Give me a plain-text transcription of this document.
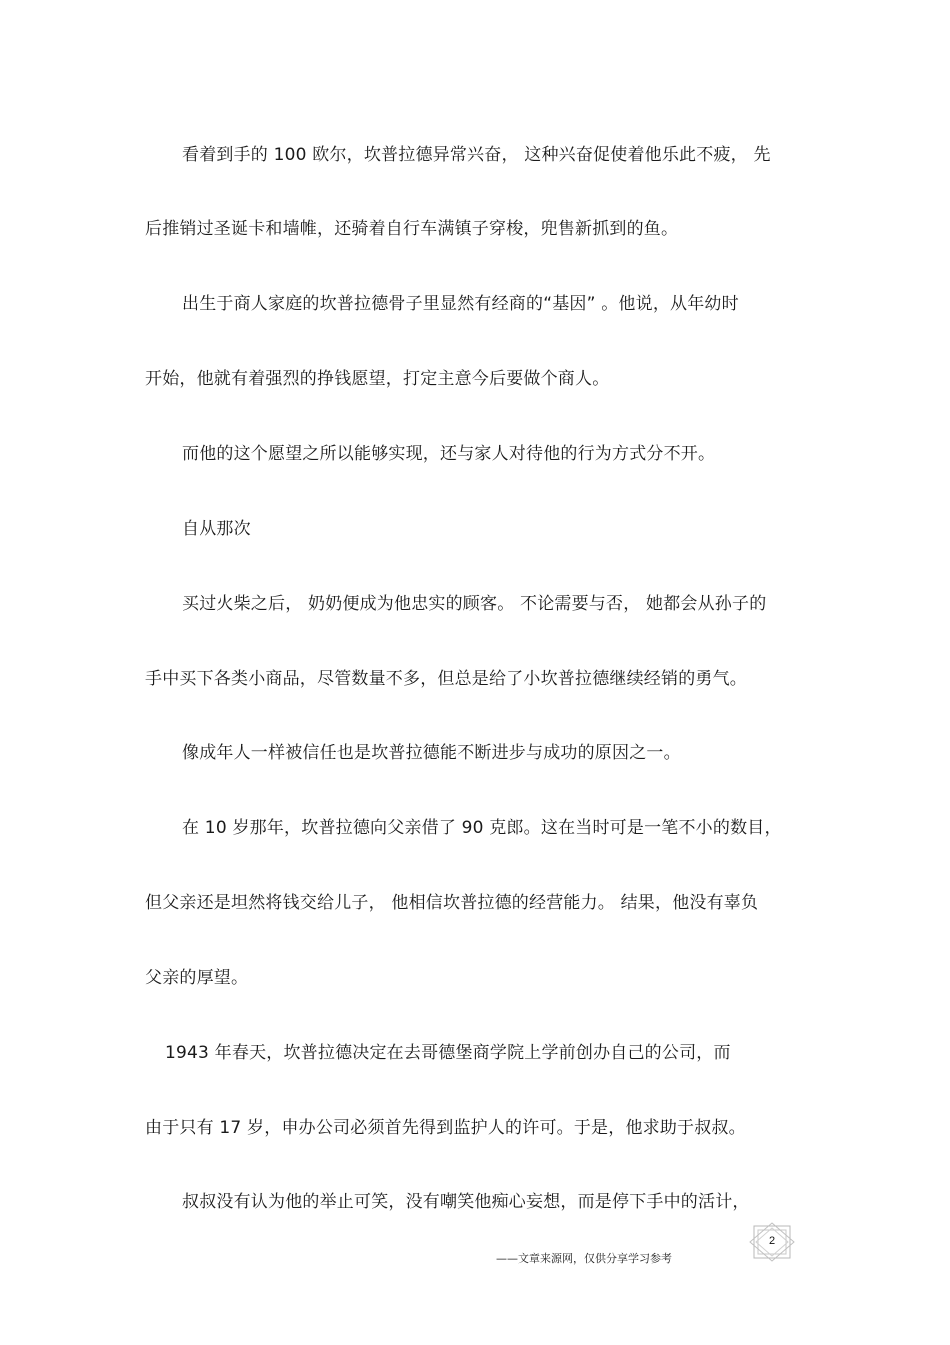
看着到手的 100 欧尔，坎普拉德异常兴奋， 这种兴奋促使着他乐此不疲， 先
后推销过圣诞卡和墙帷，还骑着自行车满镇子穿梭，兜售新抓到的鱼。
出生于商人家庭的坎普拉德骨子里显然有经商的“基因” 。他说，从年幼时
开始，他就有着强烈的挣钱愿望，打定主意今后要做个商人。
而他的这个愿望之所以能够实现，还与家人对待他的行为方式分不开。
自从那次
买过火柴之后， 奶奶便成为他忠实的顾客。 不论需要与否， 她都会从孙子的
手中买下各类小商品，尽管数量不多，但总是给了小坎普拉德继续经销的勇气。
像成年人一样被信任也是坎普拉德能不断进步与成功的原因之一。
在 10 岁那年，坎普拉德向父亲借了 90 克郎。这在当时可是一笔不小的数目，
但父亲还是坦然将钱交给儿子， 他相信坎普拉德的经营能力。 结果，他没有辜负
父亲的厚望。
1943 年春天，坎普拉德决定在去哥德堡商学院上学前创办自己的公司，而
由于只有 17 岁，申办公司必须首先得到监护人的许可。于是，他求助于叔叔。
叔叔没有认为他的举止可笑，没有嘲笑他痴心妄想，而是停下手中的活计，
——文章来源网，仅供分享学习参考
2
